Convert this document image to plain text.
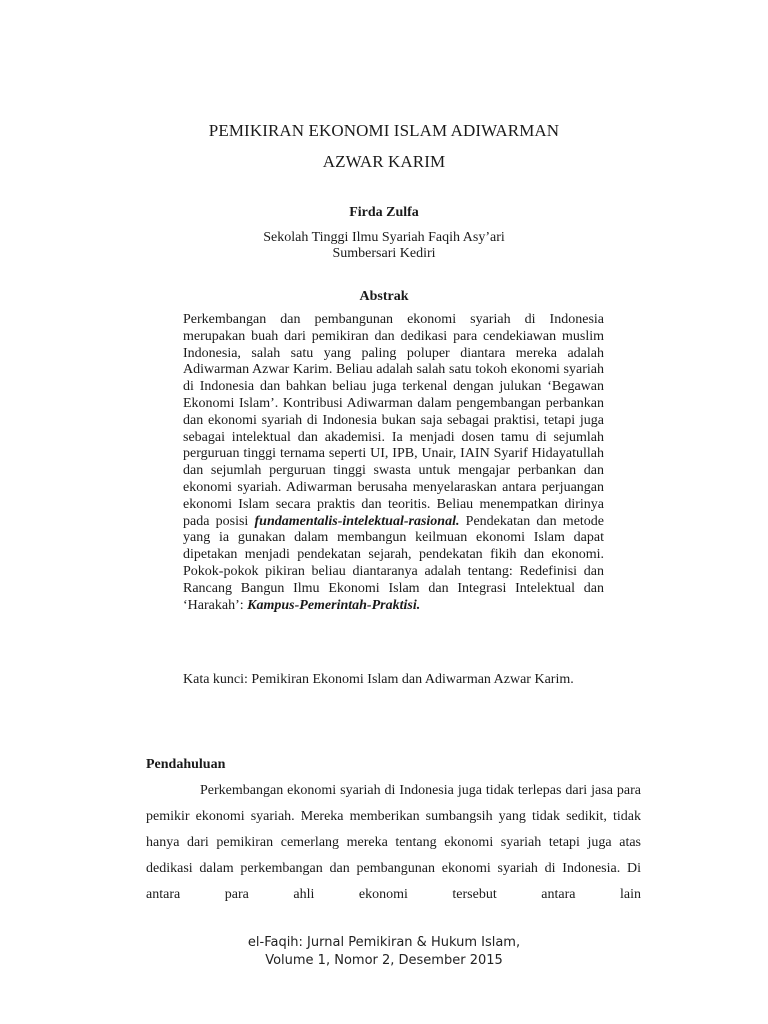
PEMIKIRAN EKONOMI ISLAM ADIWARMAN
AZWAR KARIM
Firda Zulfa
Sekolah Tinggi Ilmu Syariah Faqih Asy’ari
Sumbersari Kediri
Abstrak
Perkembangan dan pembangunan ekonomi syariah di Indonesia merupakan buah dari pemikiran dan dedikasi para cendekiawan muslim Indonesia, salah satu yang paling poluper diantara mereka adalah Adiwarman Azwar Karim. Beliau adalah salah satu tokoh ekonomi syariah di Indonesia dan bahkan beliau juga terkenal dengan julukan ‘Begawan Ekonomi Islam’. Kontribusi Adiwarman dalam pengembangan perbankan dan ekonomi syariah di Indonesia bukan saja sebagai praktisi, tetapi juga sebagai intelektual dan akademisi. Ia menjadi dosen tamu di sejumlah perguruan tinggi ternama seperti UI, IPB, Unair, IAIN Syarif Hidayatullah dan sejumlah perguruan tinggi swasta untuk mengajar perbankan dan ekonomi syariah. Adiwarman berusaha menyelaraskan antara perjuangan ekonomi Islam secara praktis dan teoritis. Beliau menempatkan dirinya pada posisi fundamentalis-intelektual-rasional. Pendekatan dan metode yang ia gunakan dalam membangun keilmuan ekonomi Islam dapat dipetakan menjadi pendekatan sejarah, pendekatan fikih dan ekonomi. Pokok-pokok pikiran beliau diantaranya adalah tentang: Redefinisi dan Rancang Bangun Ilmu Ekonomi Islam dan Integrasi Intelektual dan ‘Harakah’: Kampus-Pemerintah-Praktisi.
Kata kunci: Pemikiran Ekonomi Islam dan Adiwarman Azwar Karim.
Pendahuluan
Perkembangan ekonomi syariah di Indonesia juga tidak terlepas dari jasa para pemikir ekonomi syariah. Mereka memberikan sumbangsih yang tidak sedikit, tidak hanya dari pemikiran cemerlang mereka tentang ekonomi syariah tetapi juga atas dedikasi dalam perkembangan dan pembangunan ekonomi syariah di Indonesia. Di antara para ahli ekonomi tersebut antara lain
el-Faqih: Jurnal Pemikiran & Hukum Islam,
Volume 1, Nomor 2, Desember 2015
